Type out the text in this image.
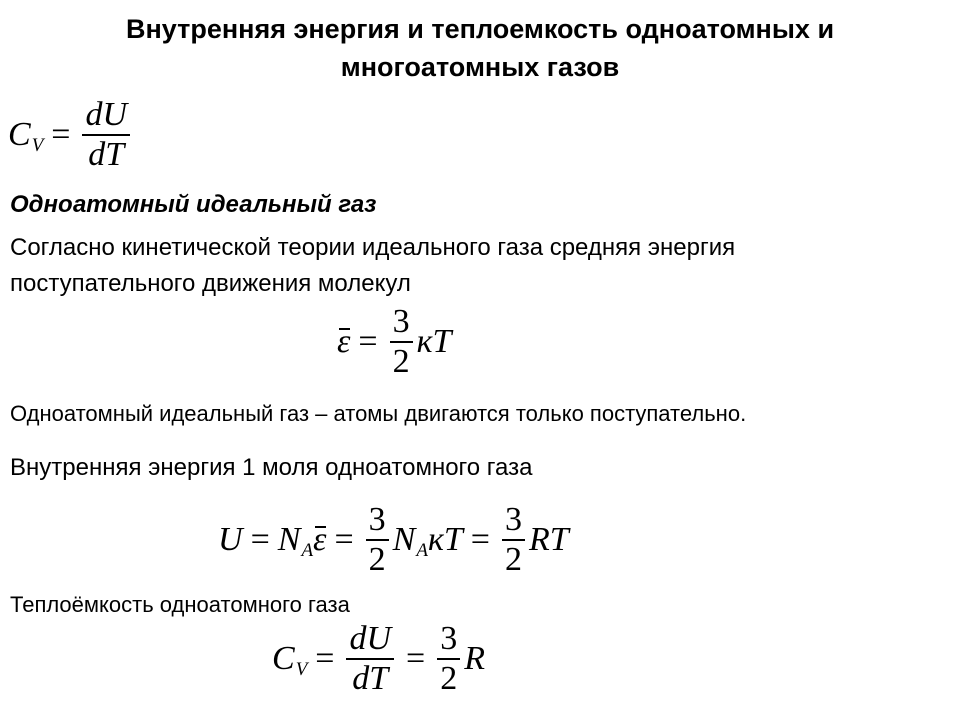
Внутренняя энергия и теплоемкость одноатомных и
многоатомных газов
C $V = \frac{dU}{dT}$
Одноатомный идеальный газ
Согласно кинетической теории идеального газа средняя энергия
поступательного движения молекул
$\varepsilon = \frac{3}{2}$ кT
Одноатомный идеальный газ – атомы двигаются только поступательно.
Внутренняя энергия 1 моля одноатомного газа
U = N A $\varepsilon = \frac{3}{2}$ N A кT = $\frac{3}{2}$ RT
Теплоёмкость одноатомного газа
C $V = \frac{dU}{dT} = \frac{3}{2}$ R
